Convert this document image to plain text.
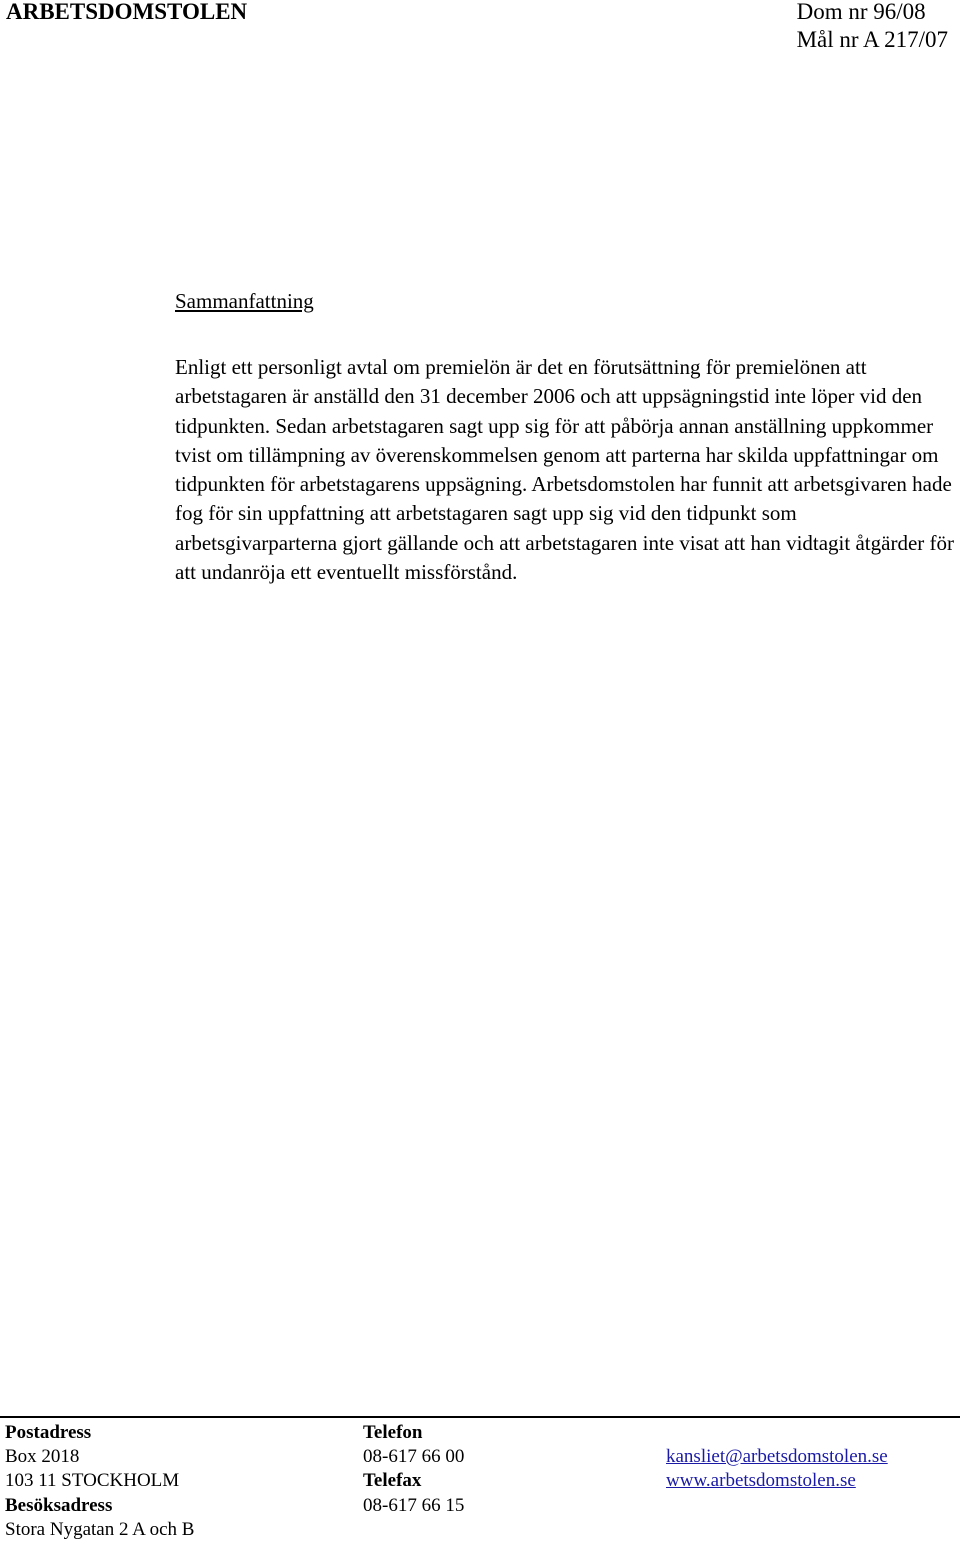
ARBETSDOMSTOLEN	Dom nr 96/08
Mål nr A 217/07
Sammanfattning

Enligt ett personligt avtal om premielön är det en förutsättning för premielönen att arbetstagaren är anställd den 31 december 2006 och att uppsägningstid inte löper vid den tidpunkten. Sedan arbetstagaren sagt upp sig för att påbörja annan anställning uppkommer tvist om tillämpning av överenskommelsen genom att parterna har skilda uppfattningar om tidpunkten för arbetstagarens uppsägning. Arbetsdomstolen har funnit att arbetsgivaren hade fog för sin uppfattning att arbetstagaren sagt upp sig vid den tidpunkt som arbetsgivarparterna gjort gällande och att arbetstagaren inte visat att han vidtagit åtgärder för att undanröja ett eventuellt missförstånd.

Postadress
Box 2018
103 11 STOCKHOLM
Besöksadress
Stora Nygatan 2 A och B
Telefon
08-617 66 00
Telefax
08-617 66 15
kansliet@arbetsdomstolen.se
www.arbetsdomstolen.se
